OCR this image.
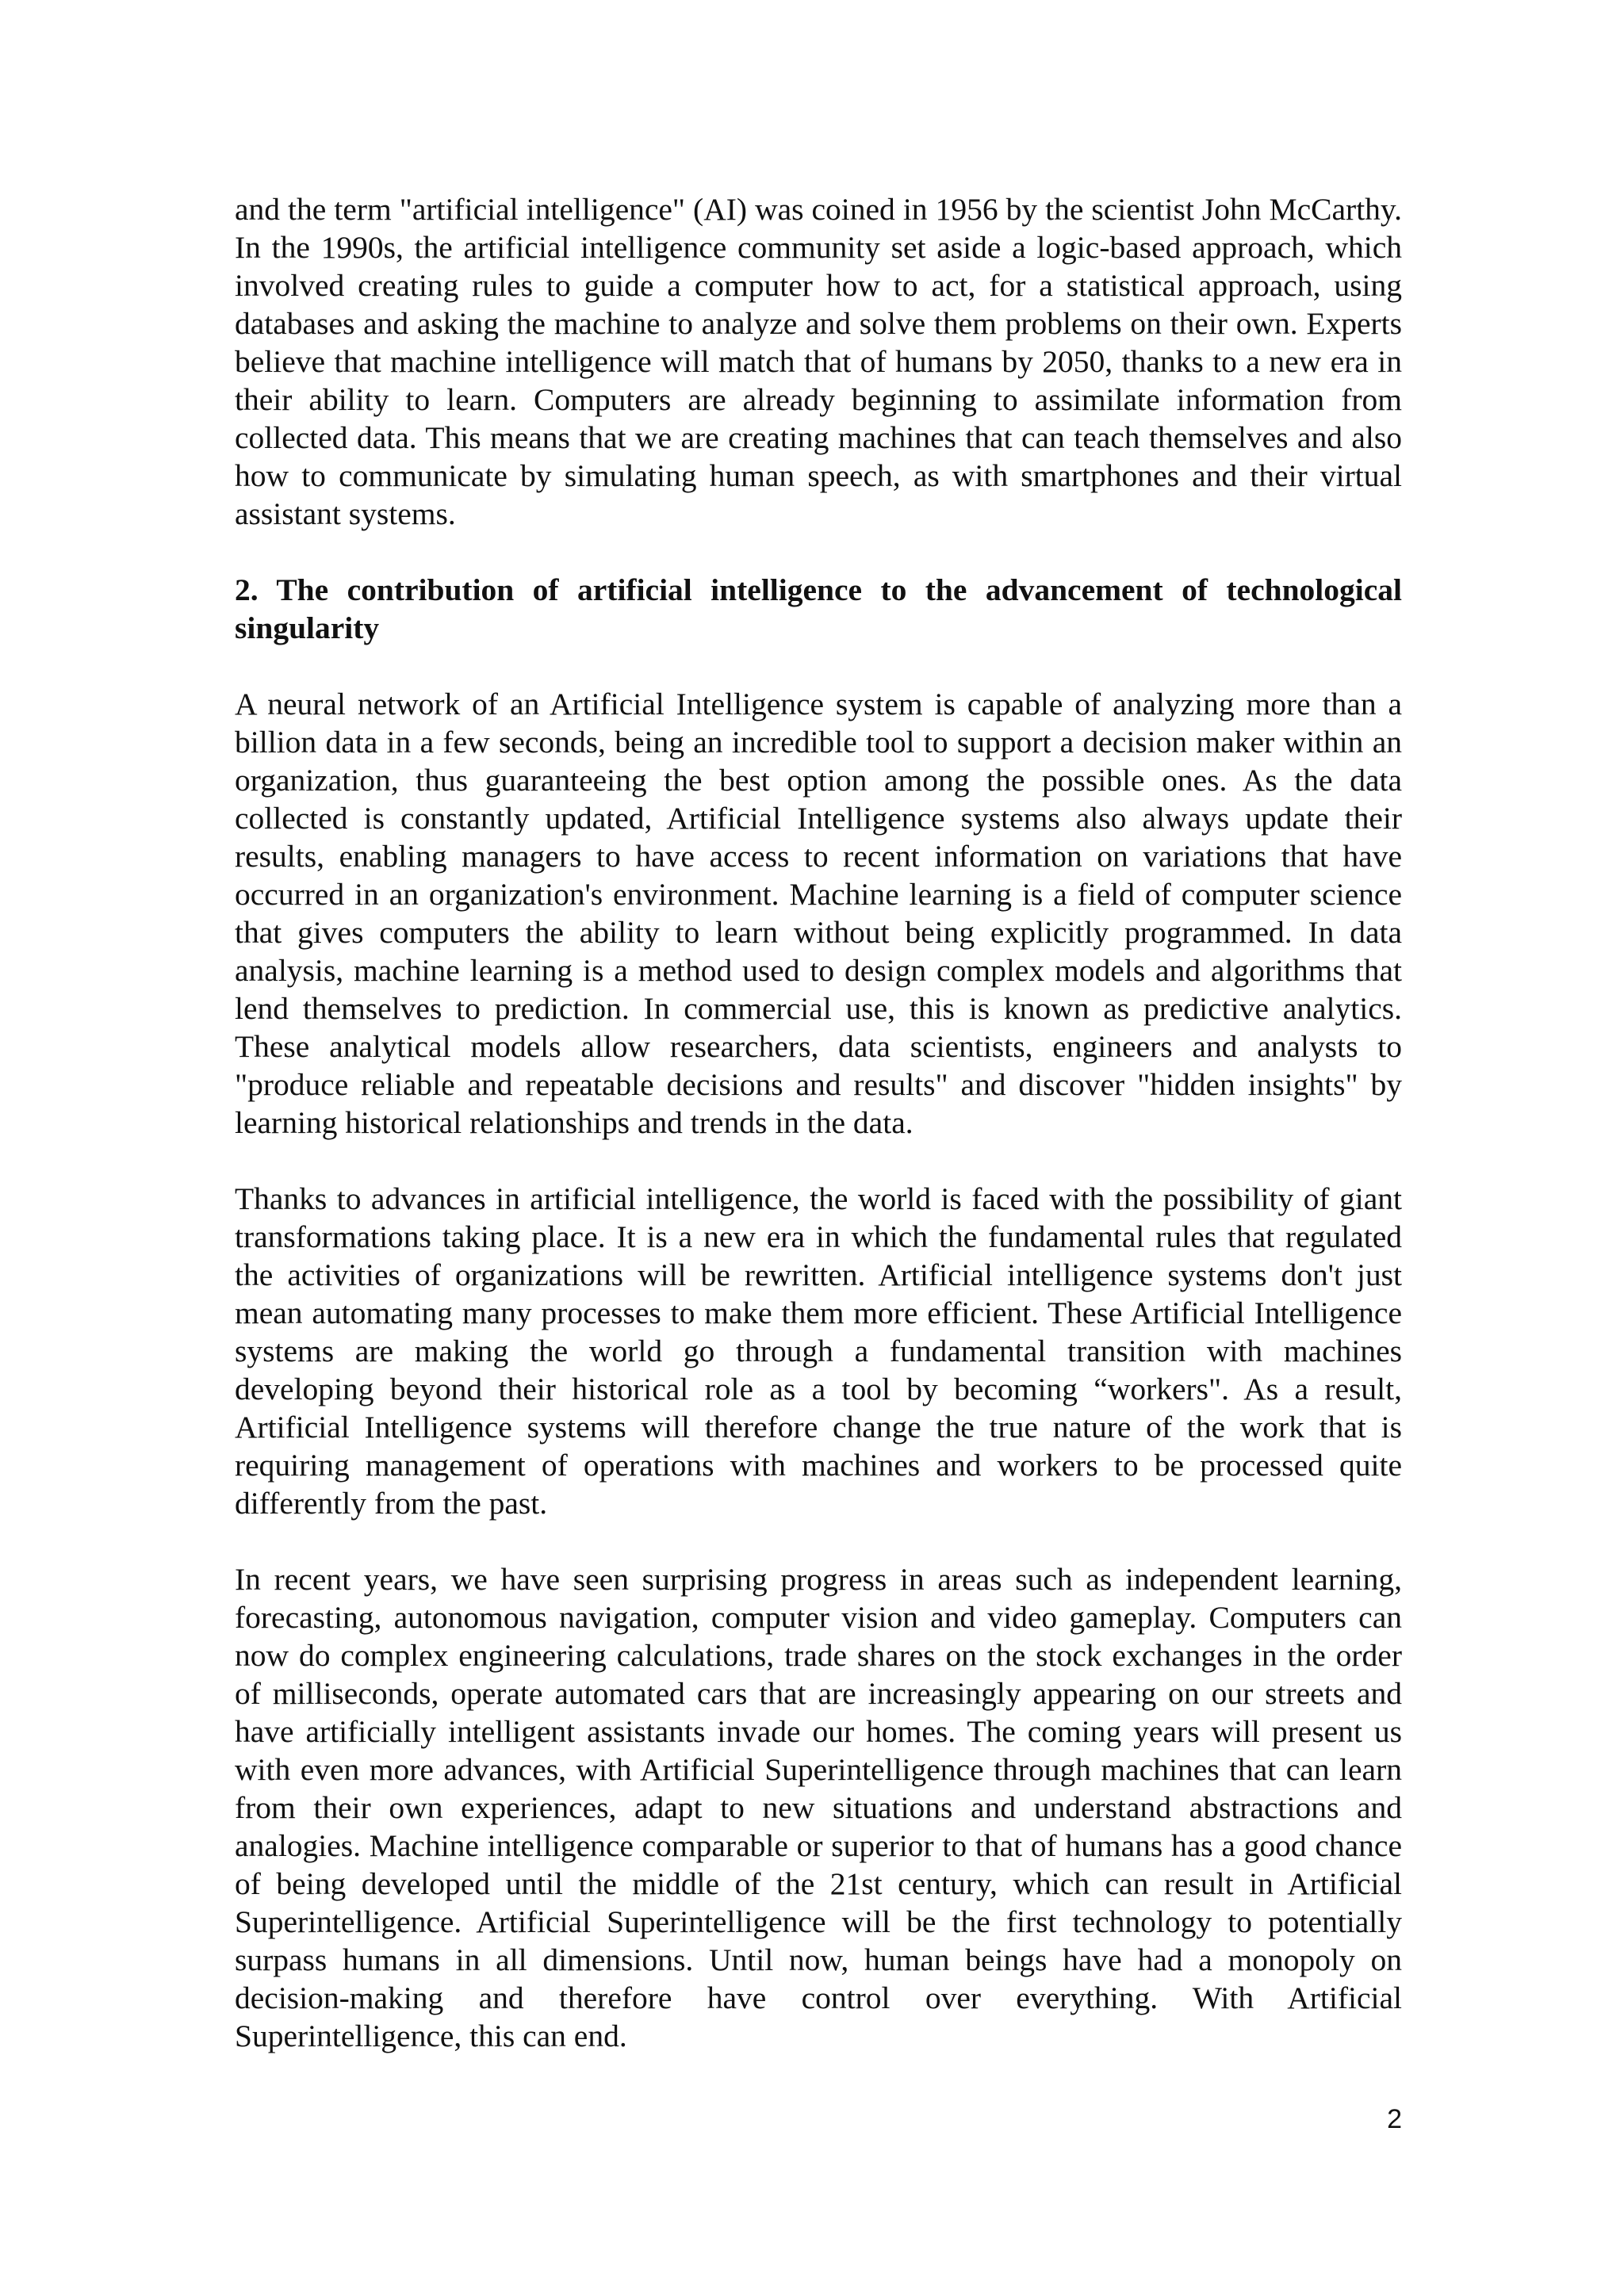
and the term "artificial intelligence" (AI) was coined in 1956 by the scientist John McCarthy. In the 1990s, the artificial intelligence community set aside a logic-based approach, which involved creating rules to guide a computer how to act, for a statistical approach, using databases and asking the machine to analyze and solve them problems on their own. Experts believe that machine intelligence will match that of humans by 2050, thanks to a new era in their ability to learn. Computers are already beginning to assimilate information from collected data. This means that we are creating machines that can teach themselves and also how to communicate by simulating human speech, as with smartphones and their virtual assistant systems.

2. The contribution of artificial intelligence to the advancement of technological singularity

A neural network of an Artificial Intelligence system is capable of analyzing more than a billion data in a few seconds, being an incredible tool to support a decision maker within an organization, thus guaranteeing the best option among the possible ones. As the data collected is constantly updated, Artificial Intelligence systems also always update their results, enabling managers to have access to recent information on variations that have occurred in an organization's environment. Machine learning is a field of computer science that gives computers the ability to learn without being explicitly programmed. In data analysis, machine learning is a method used to design complex models and algorithms that lend themselves to prediction. In commercial use, this is known as predictive analytics. These analytical models allow researchers, data scientists, engineers and analysts to "produce reliable and repeatable decisions and results" and discover "hidden insights" by learning historical relationships and trends in the data.

Thanks to advances in artificial intelligence, the world is faced with the possibility of giant transformations taking place. It is a new era in which the fundamental rules that regulated the activities of organizations will be rewritten. Artificial intelligence systems don't just mean automating many processes to make them more efficient. These Artificial Intelligence systems are making the world go through a fundamental transition with machines developing beyond their historical role as a tool by becoming “workers". As a result, Artificial Intelligence systems will therefore change the true nature of the work that is requiring management of operations with machines and workers to be processed quite differently from the past.

In recent years, we have seen surprising progress in areas such as independent learning, forecasting, autonomous navigation, computer vision and video gameplay. Computers can now do complex engineering calculations, trade shares on the stock exchanges in the order of milliseconds, operate automated cars that are increasingly appearing on our streets and have artificially intelligent assistants invade our homes. The coming years will present us with even more advances, with Artificial Superintelligence through machines that can learn from their own experiences, adapt to new situations and understand abstractions and analogies. Machine intelligence comparable or superior to that of humans has a good chance of being developed until the middle of the 21st century, which can result in Artificial Superintelligence. Artificial Superintelligence will be the first technology to potentially surpass humans in all dimensions. Until now, human beings have had a monopoly on decision-making and therefore have control over everything. With Artificial Superintelligence, this can end.

2
